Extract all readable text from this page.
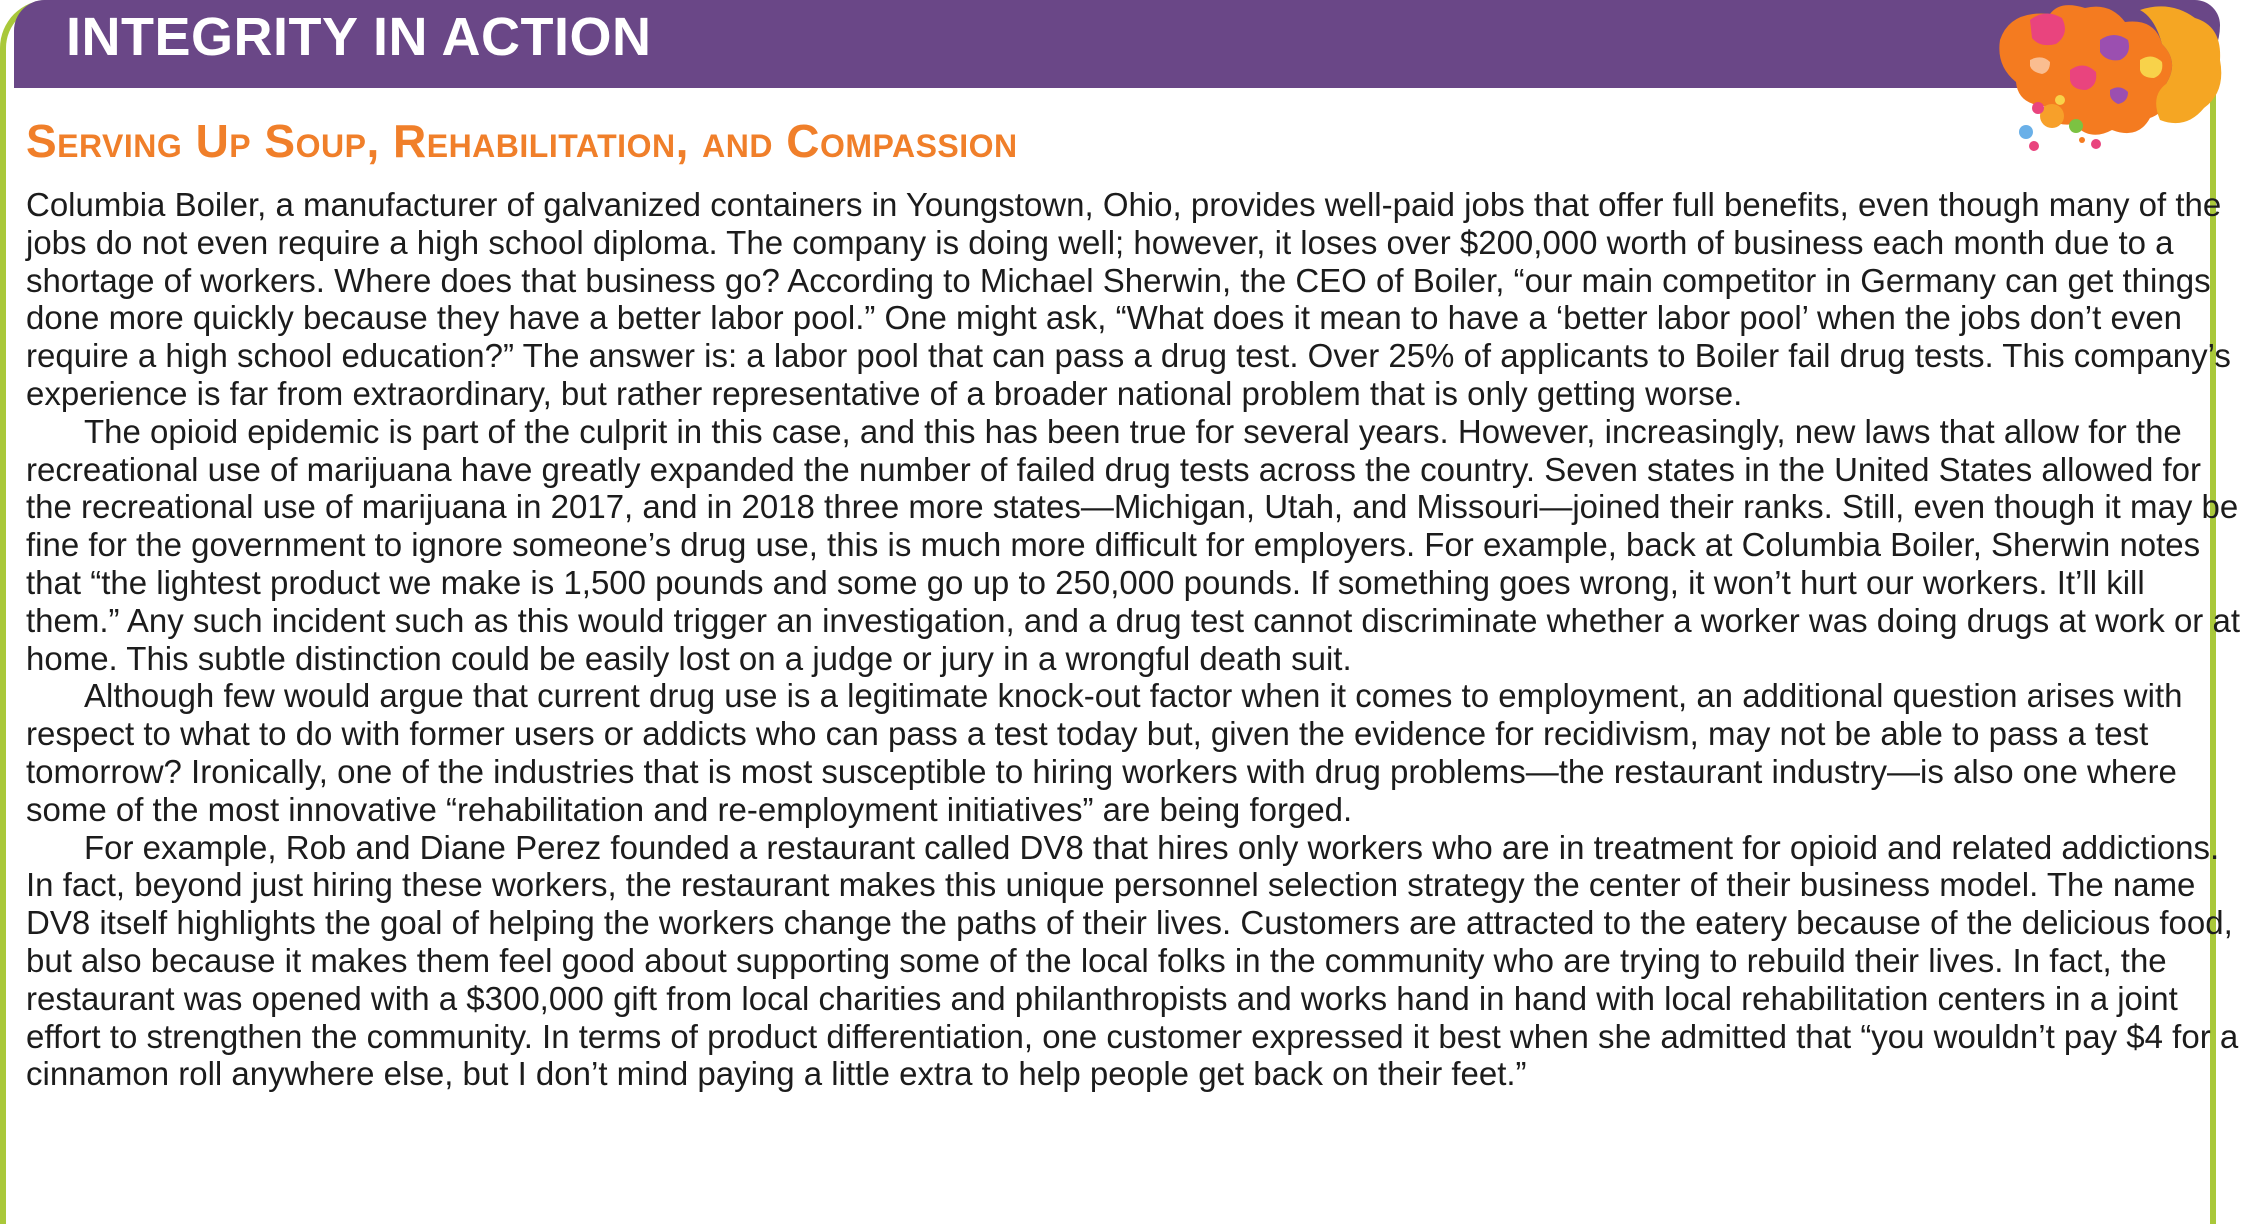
INTEGRITY IN ACTION
Serving Up Soup, Rehabilitation, and Compassion

Columbia Boiler, a manufacturer of galvanized containers in Youngstown, Ohio, provides well-paid jobs that offer full benefits, even though many of the jobs do not even require a high school diploma. The company is doing well; however, it loses over $200,000 worth of business each month due to a shortage of workers. Where does that business go? According to Michael Sherwin, the CEO of Boiler, “our main competitor in Germany can get things done more quickly because they have a better labor pool.” One might ask, “What does it mean to have a ‘better labor pool’ when the jobs don’t even require a high school education?” The answer is: a labor pool that can pass a drug test. Over 25% of applicants to Boiler fail drug tests. This company’s experience is far from extraordinary, but rather representative of a broader national problem that is only getting worse.

The opioid epidemic is part of the culprit in this case, and this has been true for several years. However, increasingly, new laws that allow for the recreational use of marijuana have greatly expanded the number of failed drug tests across the country. Seven states in the United States allowed for the recreational use of marijuana in 2017, and in 2018 three more states—Michigan, Utah, and Missouri—joined their ranks. Still, even though it may be fine for the government to ignore someone’s drug use, this is much more difficult for employers. For example, back at Columbia Boiler, Sherwin notes that “the lightest product we make is 1,500 pounds and some go up to 250,000 pounds. If something goes wrong, it won’t hurt our workers. It’ll kill them.” Any such incident such as this would trigger an investigation, and a drug test cannot discriminate whether a worker was doing drugs at work or at home. This subtle distinction could be easily lost on a judge or jury in a wrongful death suit.

Although few would argue that current drug use is a legitimate knock-out factor when it comes to employment, an additional question arises with respect to what to do with former users or addicts who can pass a test today but, given the evidence for recidivism, may not be able to pass a test tomorrow? Ironically, one of the industries that is most susceptible to hiring workers with drug problems—the restaurant industry—is also one where some of the most innovative “rehabilitation and re-employment initiatives” are being forged.

For example, Rob and Diane Perez founded a restaurant called DV8 that hires only workers who are in treatment for opioid and related addictions. In fact, beyond just hiring these workers, the restaurant makes this unique personnel selection strategy the center of their business model. The name DV8 itself highlights the goal of helping the workers change the paths of their lives. Customers are attracted to the eatery because of the delicious food, but also because it makes them feel good about supporting some of the local folks in the community who are trying to rebuild their lives. In fact, the restaurant was opened with a $300,000 gift from local charities and philanthropists and works hand in hand with local rehabilitation centers in a joint effort to strengthen the community. In terms of product differentiation, one customer expressed it best when she admitted that “you wouldn’t pay $4 for a cinnamon roll anywhere else, but I don’t mind paying a little extra to help people get back on their feet.”
